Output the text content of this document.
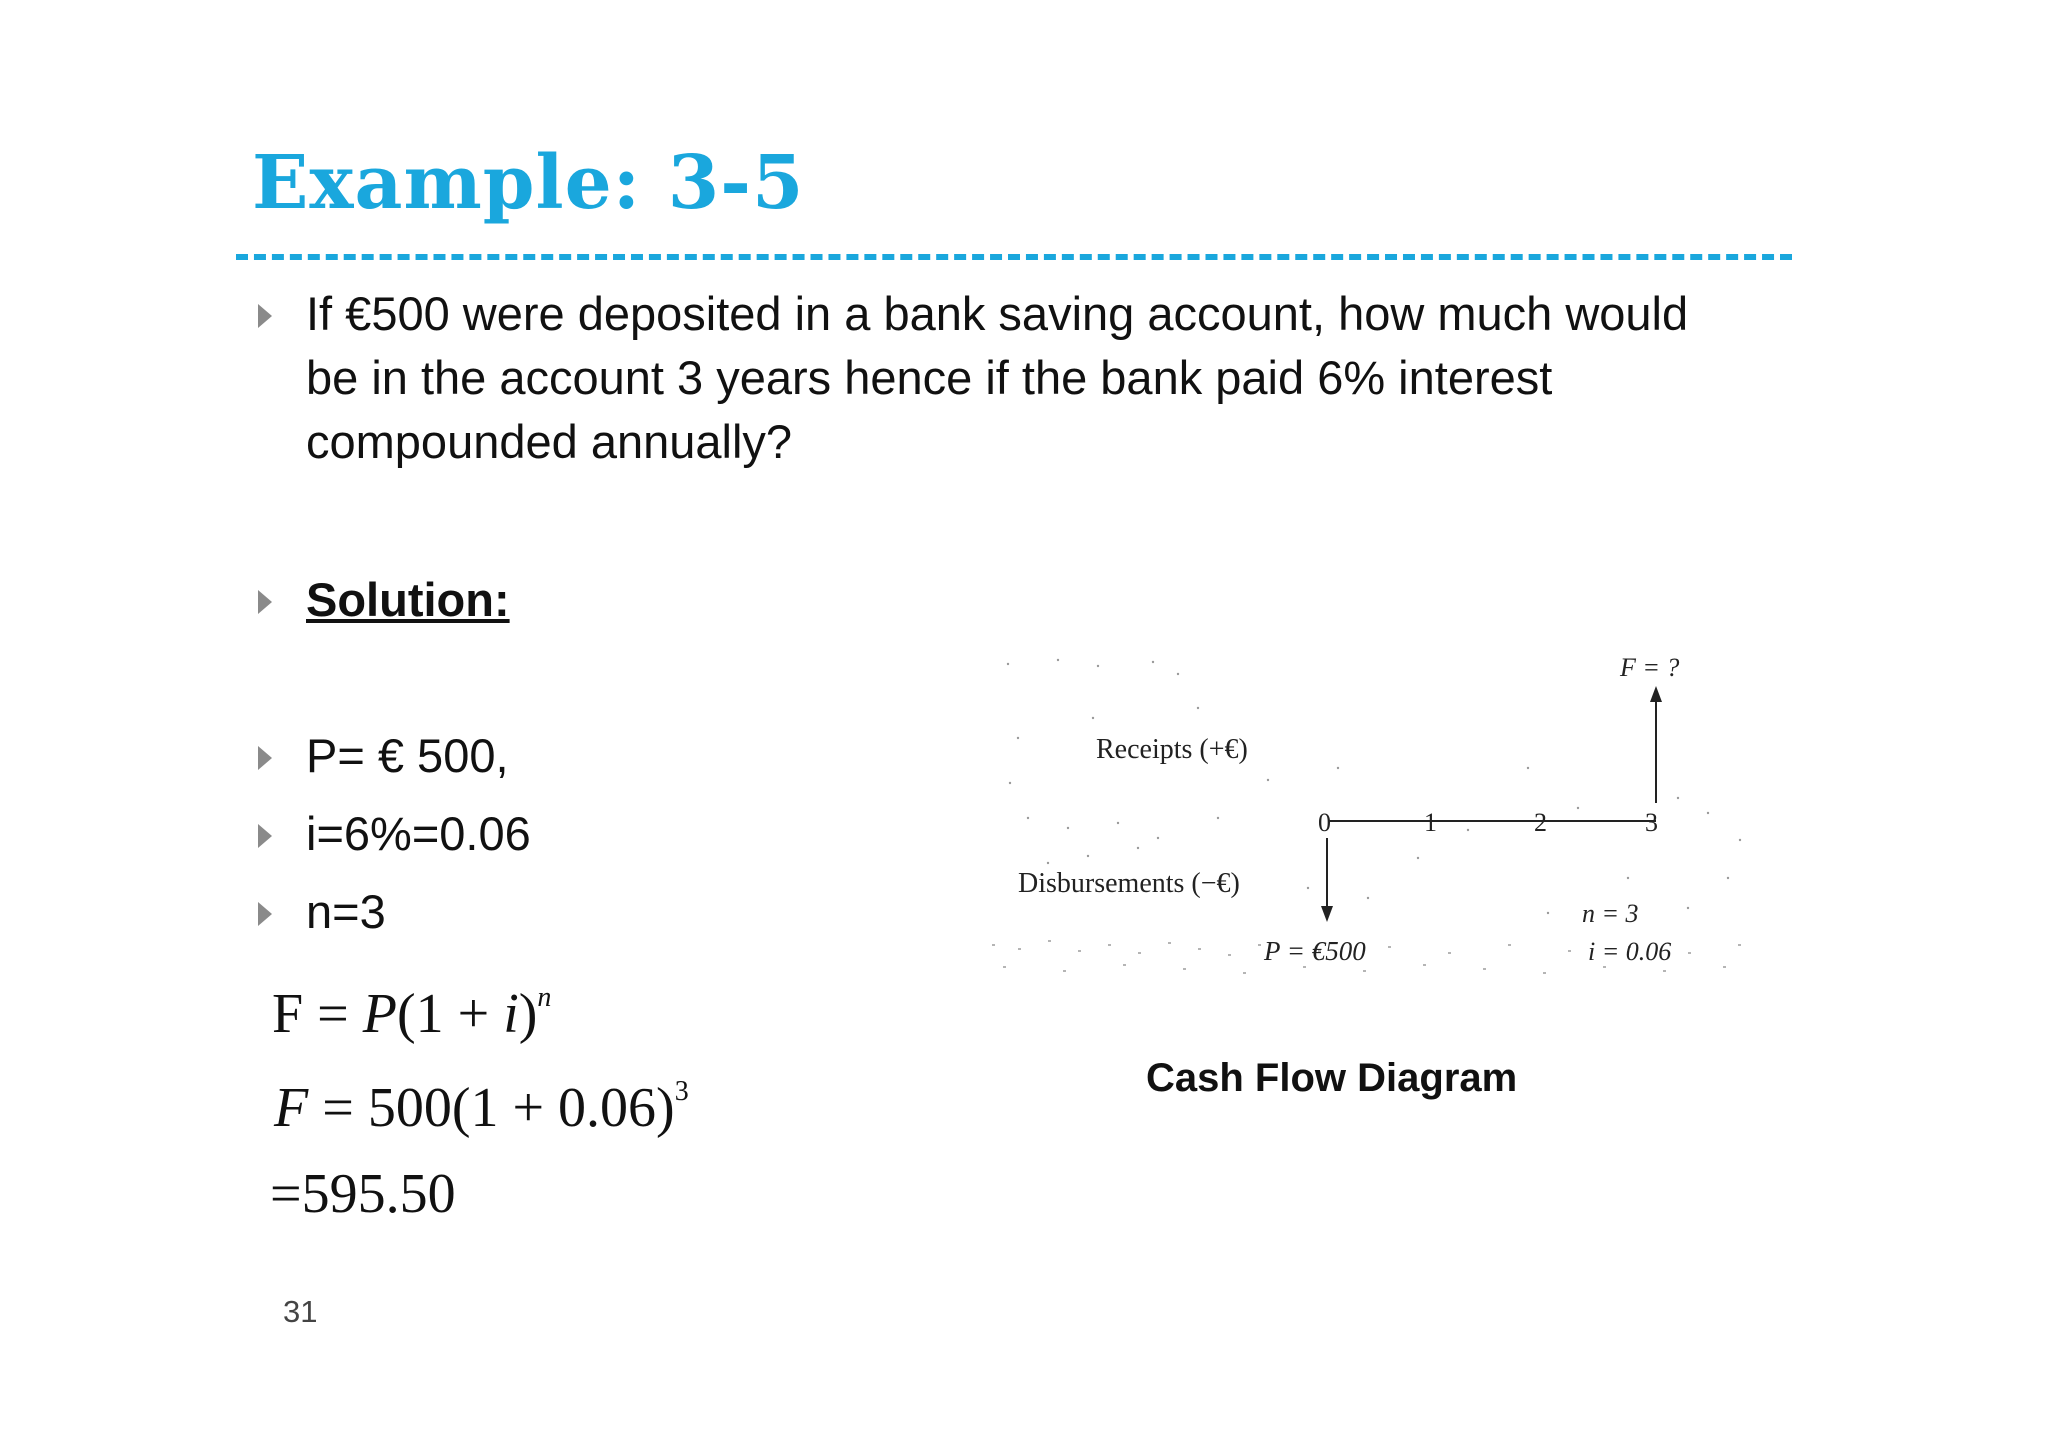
Example: 3-5
If €500 were deposited in a bank saving account, how much would
be in the account 3 years hence if the bank paid 6% interest
compounded annually?
Solution:
P= € 500,
i=6%=0.06
n=3
$F = P(1 + i)^n$
$F = 500(1 + 0.06)^3$
=595.50
Receipts (+€)
Disbursements (−€)
0	1	2	3
F = ?
P = €500
n = 3
i = 0.06
Cash Flow Diagram
31
